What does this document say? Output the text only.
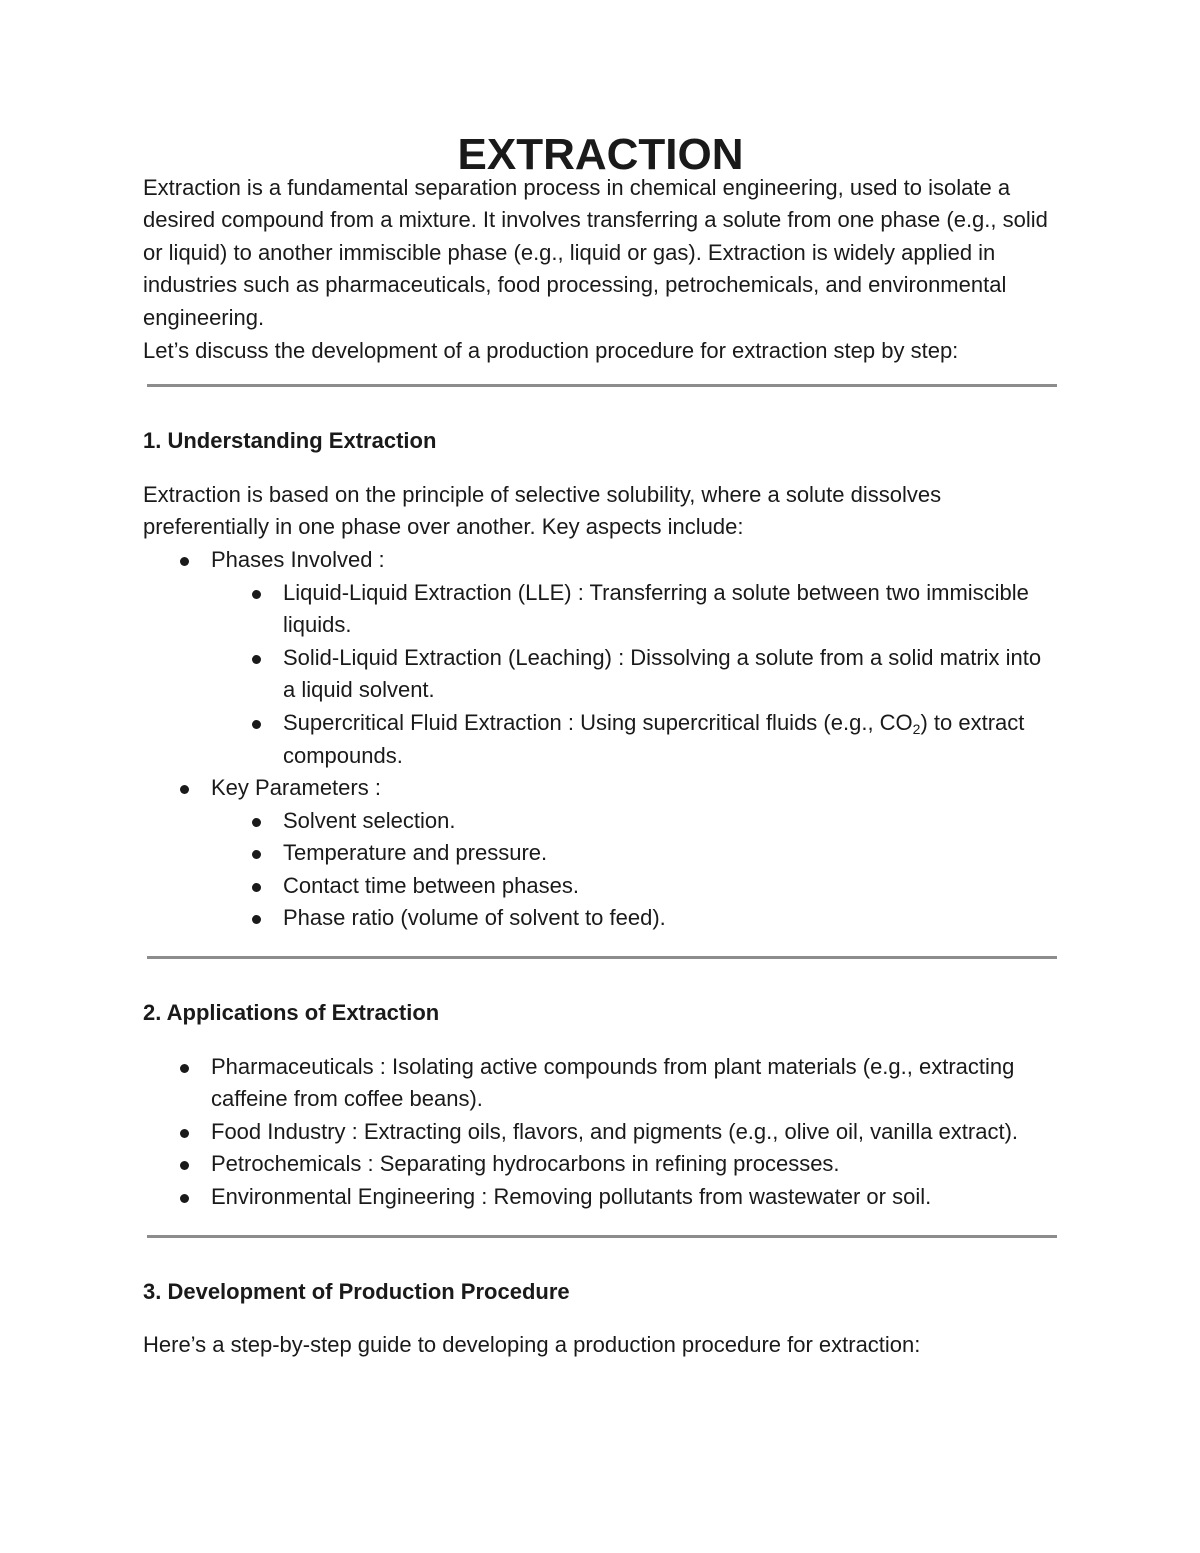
EXTRACTION

Extraction is a fundamental separation process in chemical engineering, used to isolate a desired compound from a mixture. It involves transferring a solute from one phase (e.g., solid or liquid) to another immiscible phase (e.g., liquid or gas). Extraction is widely applied in industries such as pharmaceuticals, food processing, petrochemicals, and environmental engineering.

Let’s discuss the development of a production procedure for extraction step by step:

1. Understanding Extraction

Extraction is based on the principle of selective solubility, where a solute dissolves preferentially in one phase over another. Key aspects include:

Phases Involved :
Liquid-Liquid Extraction (LLE) : Transferring a solute between two immiscible liquids.
Solid-Liquid Extraction (Leaching) : Dissolving a solute from a solid matrix into a liquid solvent.
Supercritical Fluid Extraction : Using supercritical fluids (e.g., $CO_2$) to extract compounds.
Key Parameters :
Solvent selection.
Temperature and pressure.
Contact time between phases.
Phase ratio (volume of solvent to feed).
2. Applications of Extraction
Pharmaceuticals : Isolating active compounds from plant materials (e.g., extracting caffeine from coffee beans).
Food Industry : Extracting oils, flavors, and pigments (e.g., olive oil, vanilla extract).
Petrochemicals : Separating hydrocarbons in refining processes.
Environmental Engineering : Removing pollutants from wastewater or soil.
3. Development of Production Procedure

Here’s a step-by-step guide to developing a production procedure for extraction:
